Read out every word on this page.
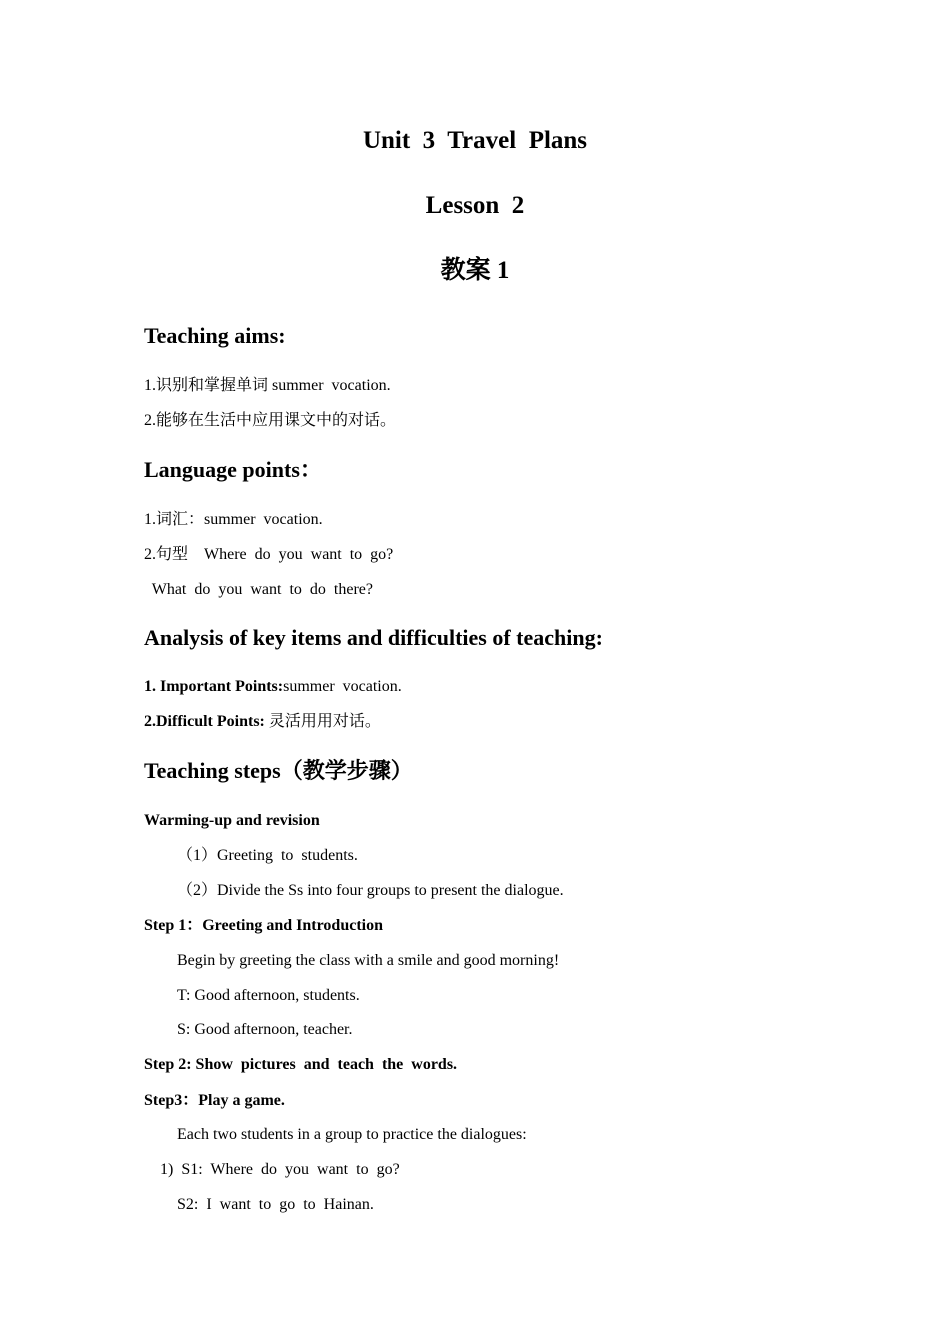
Unit  3  Travel  Plans
Lesson  2
教案 1
Teaching aims:
1.识别和掌握单词 summer  vocation.
2.能够在生活中应用课文中的对话。
Language points：
1.词汇：summer  vocation.
2.句型    Where  do  you  want  to  go?
What  do  you  want  to  do  there?
Analysis of key items and difficulties of teaching:
1. Important Points:summer  vocation.
2.Difficult Points: 灵活用用对话。
Teaching steps（教学步骤）
Warming-up and revision
（1）Greeting  to  students.
（2）Divide the Ss into four groups to present the dialogue.
Step 1：Greeting and Introduction
Begin by greeting the class with a smile and good morning!
T: Good afternoon, students.
S: Good afternoon, teacher.
Step 2: Show  pictures  and  teach  the  words.
Step3：Play a game.
Each two students in a group to practice the dialogues:
1)  S1:  Where  do  you  want  to  go?
S2:  I  want  to  go  to  Hainan.
